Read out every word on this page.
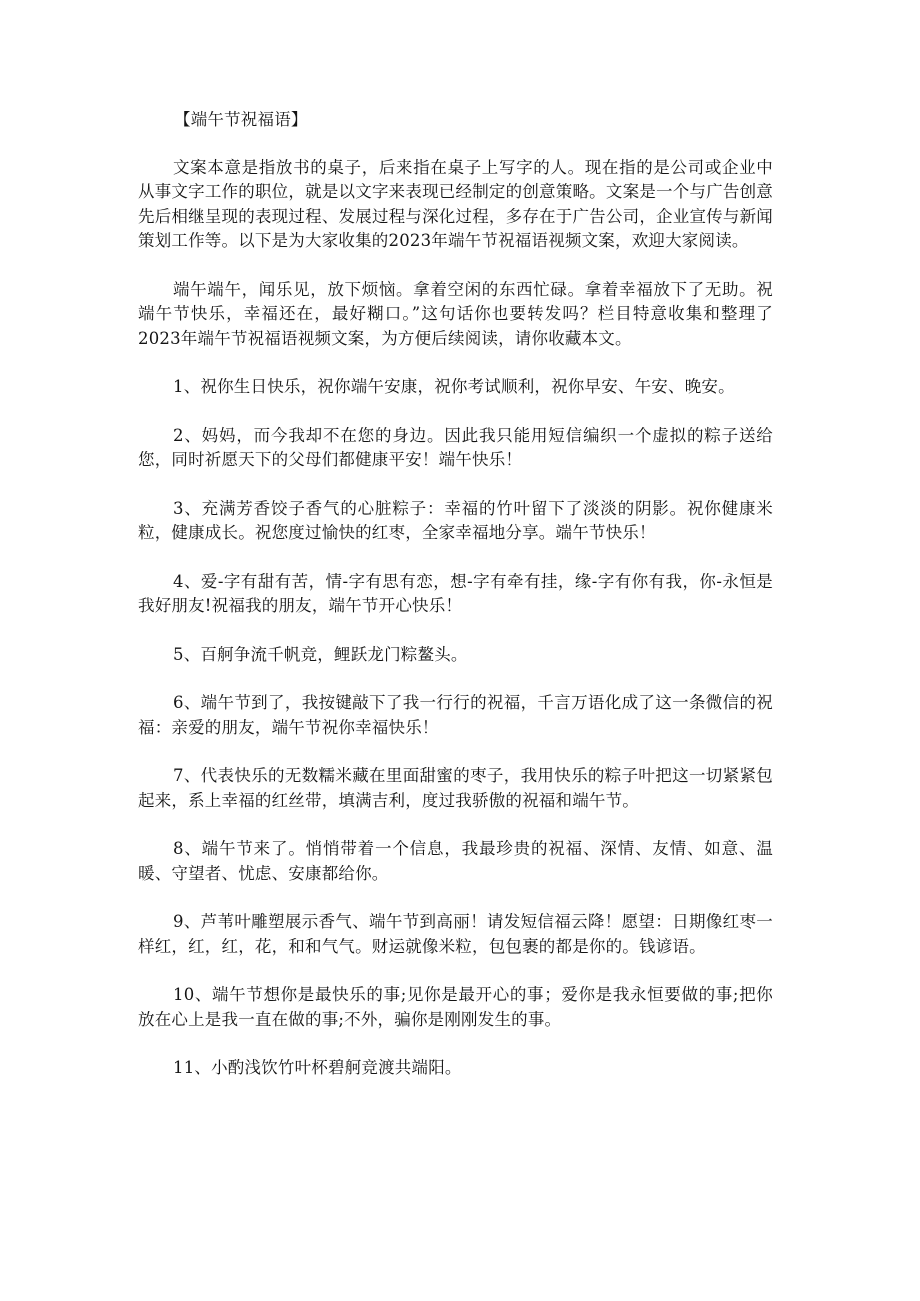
【端午节祝福语】

文案本意是指放书的桌子，后来指在桌子上写字的人。现在指的是公司或企业中从事文字工作的职位，就是以文字来表现已经制定的创意策略。文案是一个与广告创意先后相继呈现的表现过程、发展过程与深化过程，多存在于广告公司，企业宣传与新闻策划工作等。以下是为大家收集的2023年端午节祝福语视频文案，欢迎大家阅读。

端午端午，闻乐见，放下烦恼。拿着空闲的东西忙碌。拿着幸福放下了无助。祝端午节快乐，幸福还在，最好糊口。”这句话你也要转发吗？栏目特意收集和整理了2023年端午节祝福语视频文案，为方便后续阅读，请你收藏本文。

1、祝你生日快乐，祝你端午安康，祝你考试顺利，祝你早安、午安、晚安。

2、妈妈，而今我却不在您的身边。因此我只能用短信编织一个虚拟的粽子送给您，同时祈愿天下的父母们都健康平安！端午快乐！

3、充满芳香饺子香气的心脏粽子：幸福的竹叶留下了淡淡的阴影。祝你健康米粒，健康成长。祝您度过愉快的红枣，全家幸福地分享。端午节快乐！

4、爱-字有甜有苦，情-字有思有恋，想-字有牵有挂，缘-字有你有我，你-永恒是我好朋友!祝福我的朋友，端午节开心快乐！

5、百舸争流千帆竞，鲤跃龙门粽鳌头。

6、端午节到了，我按键敲下了我一行行的祝福，千言万语化成了这一条微信的祝福：亲爱的朋友，端午节祝你幸福快乐！

7、代表快乐的无数糯米藏在里面甜蜜的枣子，我用快乐的粽子叶把这一切紧紧包起来，系上幸福的红丝带，填满吉利，度过我骄傲的祝福和端午节。

8、端午节来了。悄悄带着一个信息，我最珍贵的祝福、深情、友情、如意、温暖、守望者、忧虑、安康都给你。

9、芦苇叶雕塑展示香气、端午节到高丽！请发短信福云降！愿望：日期像红枣一样红，红，红，花，和和气气。财运就像米粒，包包裹的都是你的。钱谚语。

10、端午节想你是最快乐的事;见你是最开心的事；爱你是我永恒要做的事;把你放在心上是我一直在做的事;不外，骗你是刚刚发生的事。

11、小酌浅饮竹叶杯碧舸竞渡共端阳。
